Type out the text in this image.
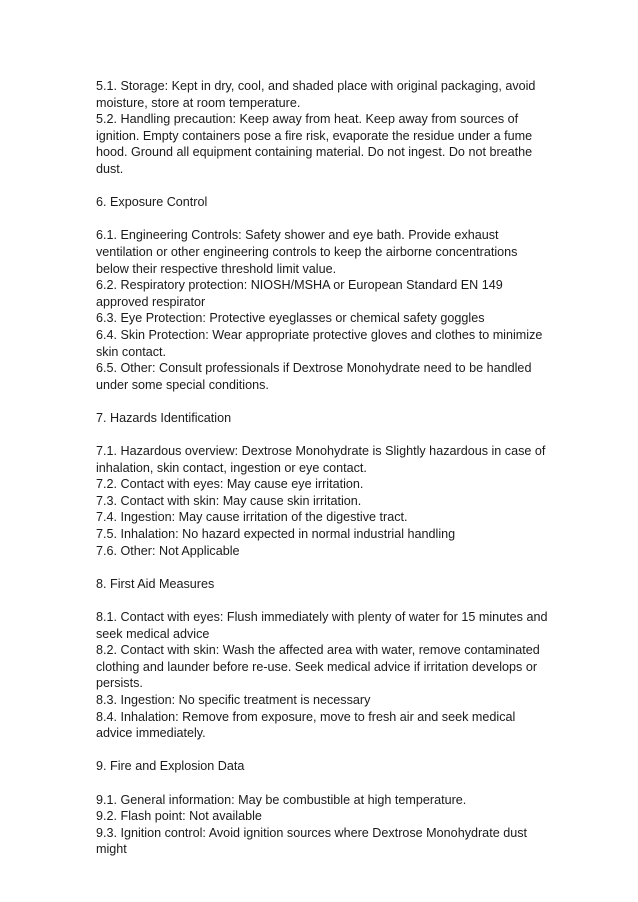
5.1. Storage: Kept in dry, cool, and shaded place with original packaging, avoid moisture, store at room temperature.

5.2. Handling precaution: Keep away from heat. Keep away from sources of ignition. Empty containers pose a fire risk, evaporate the residue under a fume hood. Ground all equipment containing material. Do not ingest. Do not breathe dust.

6. Exposure Control

6.1. Engineering Controls: Safety shower and eye bath. Provide exhaust ventilation or other engineering controls to keep the airborne concentrations below their respective threshold limit value.

6.2. Respiratory protection: NIOSH/MSHA or European Standard EN 149 approved respirator

6.3. Eye Protection: Protective eyeglasses or chemical safety goggles

6.4. Skin Protection: Wear appropriate protective gloves and clothes to minimize skin contact.

6.5. Other: Consult professionals if Dextrose Monohydrate need to be handled under some special conditions.

7. Hazards Identification

7.1. Hazardous overview: Dextrose Monohydrate is Slightly hazardous in case of inhalation, skin contact, ingestion or eye contact.

7.2. Contact with eyes: May cause eye irritation.

7.3. Contact with skin: May cause skin irritation.

7.4. Ingestion: May cause irritation of the digestive tract.

7.5. Inhalation: No hazard expected in normal industrial handling

7.6. Other: Not Applicable

8. First Aid Measures

8.1. Contact with eyes: Flush immediately with plenty of water for 15 minutes and seek medical advice

8.2. Contact with skin: Wash the affected area with water, remove contaminated clothing and launder before re-use. Seek medical advice if irritation develops or persists.

8.3. Ingestion: No specific treatment is necessary

8.4. Inhalation: Remove from exposure, move to fresh air and seek medical advice immediately.

9. Fire and Explosion Data

9.1. General information: May be combustible at high temperature.

9.2. Flash point: Not available

9.3. Ignition control: Avoid ignition sources where Dextrose Monohydrate dust might
